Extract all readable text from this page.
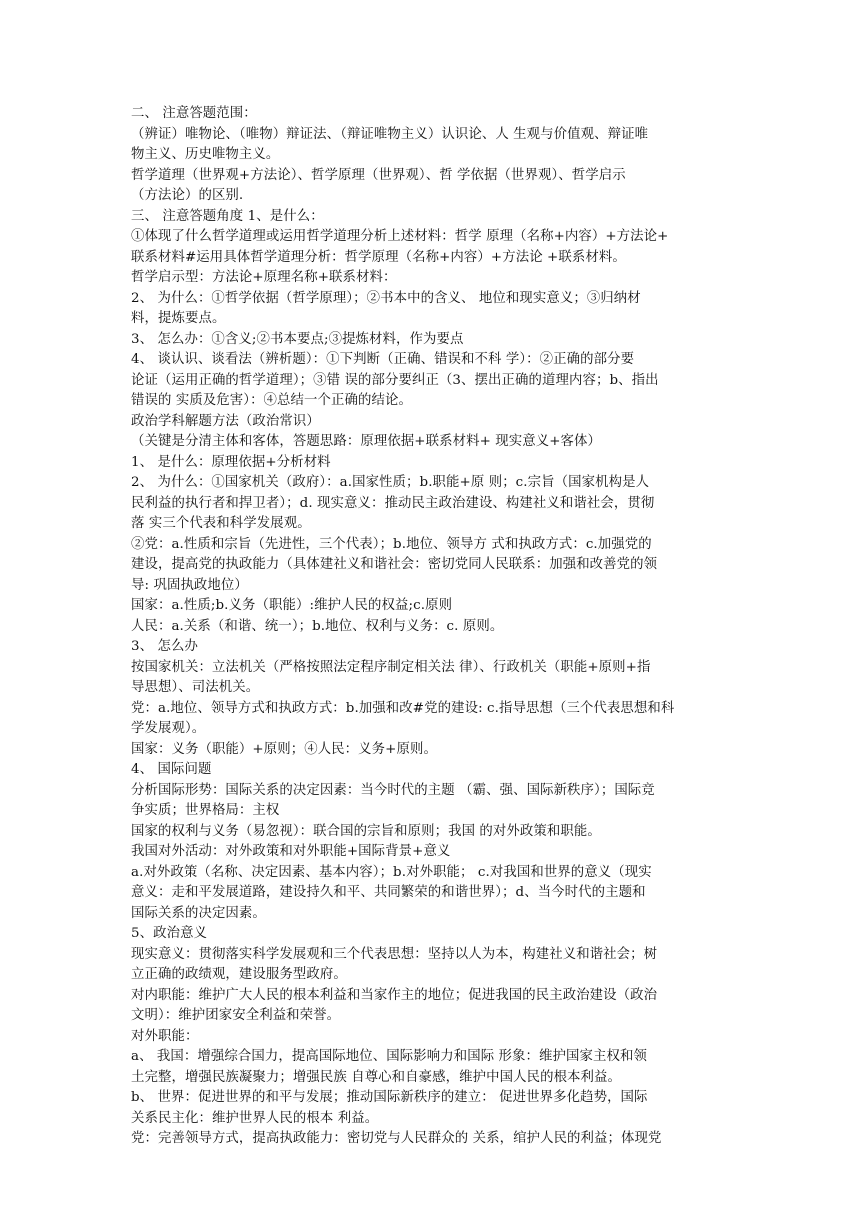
二、 注意答题范围：
（辨证）唯物论、（唯物）辩证法、（辩证唯物主义）认识论、人 生观与价值观、辩证唯
物主义、历史唯物主义。
哲学道理（世界观+方法论）、哲学原理（世界观）、哲 学依据（世界观）、哲学启示
（方法论）的区别.
三、 注意答题角度 1、是什么：
①体现了什么哲学道理或运用哲学道理分析上述材料：哲学 原理（名称+内容）+方法论+
联系材料#运用具体哲学道理分析：哲学原理（名称+内容）+方法论 +联系材料。
哲学启示型：方法论+原理名称+联系材料：
2、 为什么：①哲学依据（哲学原理）；②书本中的含义、 地位和现实意义；③归纳材
料，提炼要点。
3、 怎么办：①含义;②书本要点;③提炼材料，作为要点
4、 谈认识、谈看法（辨析题）：①下判断（正确、错误和不科 学）：②正确的部分要
论证（运用正确的哲学道理）；③错 误的部分要纠正（3、摆出正确的道理内容；b、指出
错误的 实质及危害）：④总结一个正确的结论。
政治学科解题方法（政治常识）
（关键是分清主体和客体，答题思路：原理依据+联系材料+ 现实意义+客体）
1、 是什么：原理依据+分析材料
2、 为什么：①国家机关（政府）：a.国家性质；b.职能+原 则；c.宗旨（国家机构是人
民利益的执行者和捍卫者）；d. 现实意义：推动民主政治建设、构建社义和谐社会，贯彻
落 实三个代表和科学发展观。
②党：a.性质和宗旨（先进性，三个代表）；b.地位、领导方 式和执政方式：c.加强党的
建设，提高党的执政能力（具体建社义和谐社会：密切党同人民联系：加强和改善党的领
导: 巩固执政地位）
国家：a.性质;b.义务（职能）:维护人民的权益;c.原则
人民：a.关系（和谐、统一）；b.地位、权利与义务：c. 原则。
3、 怎么办
按国家机关：立法机关（严格按照法定程序制定相关法 律）、行政机关（职能+原则+指
导思想）、司法机关。
党：a.地位、领导方式和执政方式：b.加强和改#党的建设: c.指导思想（三个代表思想和科
学发展观）。
国家：义务（职能）+原则；④人民：义务+原则。
4、 国际问题
分析国际形势：国际关系的决定因素：当今时代的主题 （霸、强、国际新秩序）；国际竞
争实质；世界格局：主权
国家的权利与义务（易忽视）：联合国的宗旨和原则；我国 的对外政策和职能。
我国对外活动：对外政策和对外职能+国际背景+意义
a.对外政策（名称、决定因素、基本内容）；b.对外职能； c.对我国和世界的意义（现实
意义：走和平发展道路，建设持久和平、共同繁荣的和谐世界）；d、当今时代的主题和
国际关系的决定因素。
5、政治意义
现实意义：贯彻落实科学发展观和三个代表思想：坚持以人为本，构建社义和谐社会；树
立正确的政绩观，建设服务型政府。
对内职能：维护广大人民的根本利益和当家作主的地位；促进我国的民主政治建设（政治
文明）：维护团家安全利益和荣誉。
对外职能：
a、 我国：增强综合国力，提高国际地位、国际影响力和国际 形象：维护国家主权和领
土完整，增强民族凝聚力；增强民族 自尊心和自豪感，维护中国人民的根本利益。
b、 世界：促进世界的和平与发展；推动国际新秩序的建立： 促进世界多化趋势，国际
关系民主化：维护世界人民的根本 利益。
党：完善领导方式，提高执政能力：密切党与人民群众的 关系，绾护人民的利益；体现党
